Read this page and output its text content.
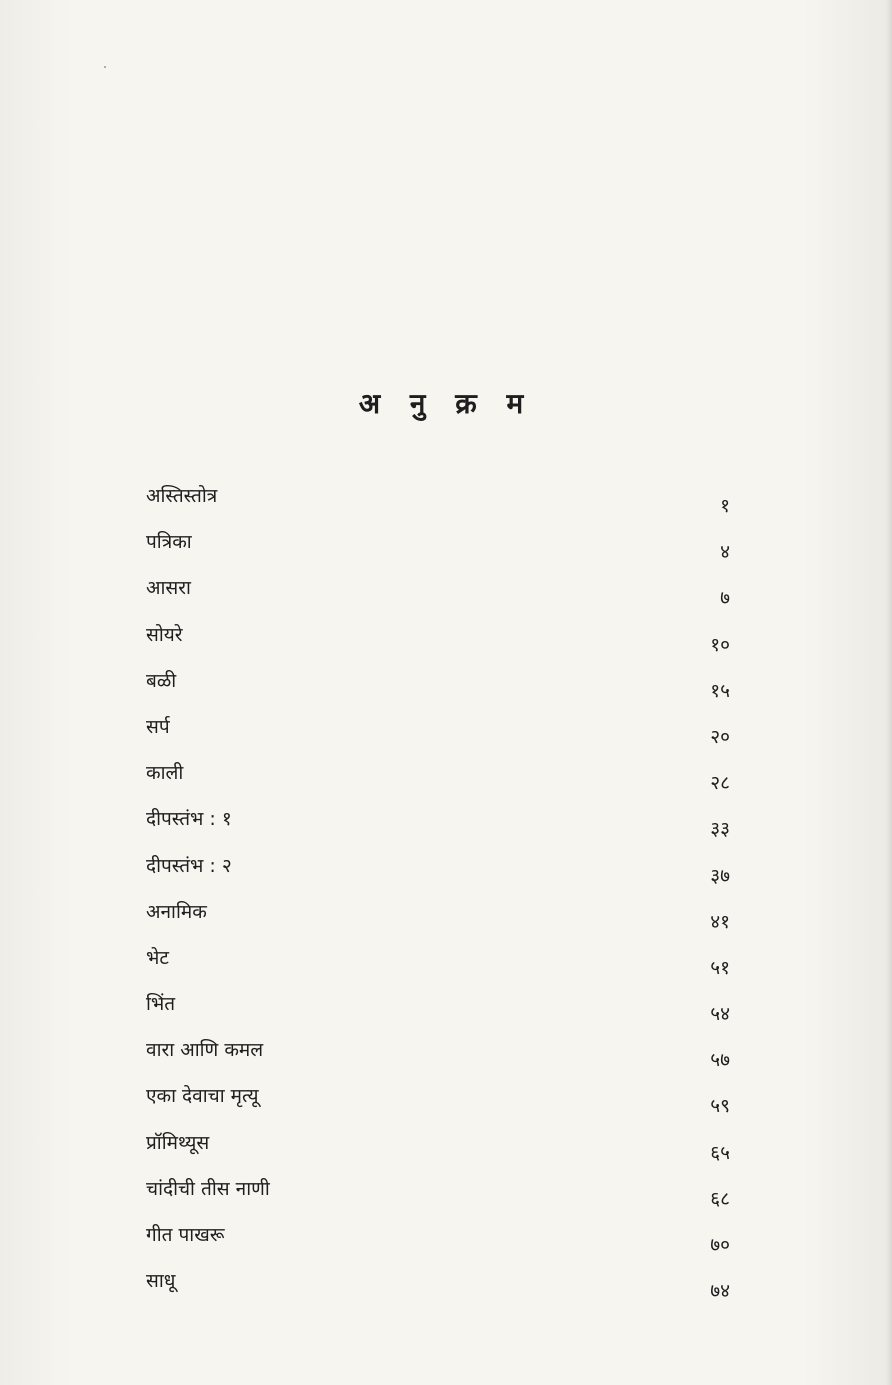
अ नु क्र म
अस्तिस्तोत्र	१
पत्रिका	४
आसरा	७
सोयरे	१०
बळी	१५
सर्प	२०
काली	२८
दीपस्तंभ : १	३३
दीपस्तंभ : २	३७
अनामिक	४१
भेट	५१
भिंत	५४
वारा आणि कमल	५७
एका देवाचा मृत्यू	५९
प्रॉमिथ्यूस	६५
चांदीची तीस नाणी	६८
गीत पाखरू	७०
साधू	७४
